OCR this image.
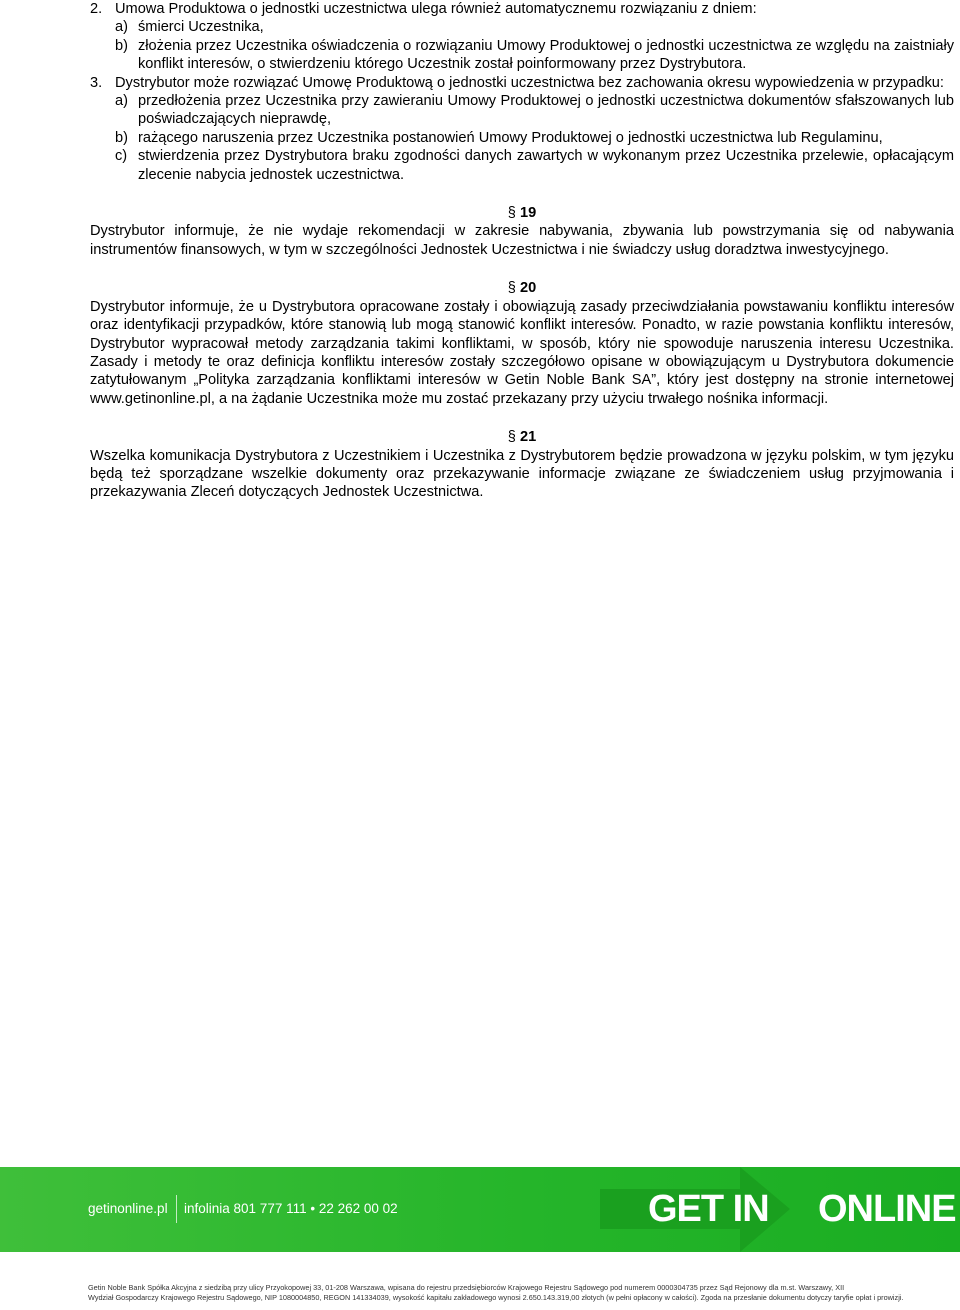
2. Umowa Produktowa o jednostki uczestnictwa ulega również automatycznemu rozwiązaniu z dniem:
a) śmierci Uczestnika,
b) złożenia przez Uczestnika oświadczenia o rozwiązaniu Umowy Produktowej o jednostki uczestnictwa ze względu na zaistniały konflikt interesów, o stwierdzeniu którego Uczestnik został poinformowany przez Dystrybutora.
3. Dystrybutor może rozwiązać Umowę Produktową o jednostki uczestnictwa bez zachowania okresu wypowiedzenia w przypadku:
a) przedłożenia przez Uczestnika przy zawieraniu Umowy Produktowej o jednostki uczestnictwa dokumentów sfałszowanych lub poświadczających nieprawdę,
b) rażącego naruszenia przez Uczestnika postanowień Umowy Produktowej o jednostki uczestnictwa lub Regulaminu,
c) stwierdzenia przez Dystrybutora braku zgodności danych zawartych w wykonanym przez Uczestnika przelewie, opłacającym zlecenie nabycia jednostek uczestnictwa.
§ 19
Dystrybutor informuje, że nie wydaje rekomendacji w zakresie nabywania, zbywania lub powstrzymania się od nabywania instrumentów finansowych, w tym w szczególności Jednostek Uczestnictwa i nie świadczy usług doradztwa inwestycyjnego.
§ 20
Dystrybutor informuje, że u Dystrybutora opracowane zostały i obowiązują zasady przeciwdziałania powstawaniu konfliktu interesów oraz identyfikacji przypadków, które stanowią lub mogą stanowić konflikt interesów. Ponadto, w razie powstania konfliktu interesów, Dystrybutor wypracował metody zarządzania takimi konfliktami, w sposób, który nie spowoduje naruszenia interesu Uczestnika. Zasady i metody te oraz definicja konfliktu interesów zostały szczegółowo opisane w obowiązującym u Dystrybutora dokumencie zatytułowanym „Polityka zarządzania konfliktami interesów w Getin Noble Bank SA”, który jest dostępny na stronie internetowej www.getinonline.pl, a na żądanie Uczestnika może mu zostać przekazany przy użyciu trwałego nośnika informacji.
§ 21
Wszelka komunikacja Dystrybutora z Uczestnikiem i Uczestnika z Dystrybutorem będzie prowadzona w języku polskim, w tym języku będą też sporządzane wszelkie dokumenty oraz przekazywanie informacje związane ze świadczeniem usług przyjmowania i przekazywania Zleceń dotyczących Jednostek Uczestnictwa.
getinonline.pl infolinia 801 777 111 • 22 262 00 02	GET IN ONLINE
Getin Noble Bank Spółka Akcyjna z siedzibą przy ulicy Przyokopowej 33, 01-208 Warszawa, wpisana do rejestru przedsiębiorców Krajowego Rejestru Sądowego pod numerem 0000304735 przez Sąd Rejonowy dla m.st. Warszawy, XII
Wydział Gospodarczy Krajowego Rejestru Sądowego, NIP 1080004850, REGON 141334039, wysokość kapitału zakładowego wynosi 2.650.143.319,00 złotych (w pełni opłacony w całości). Zgoda na przesłanie dokumentu dotyczy taryfie opłat i prowizji.
